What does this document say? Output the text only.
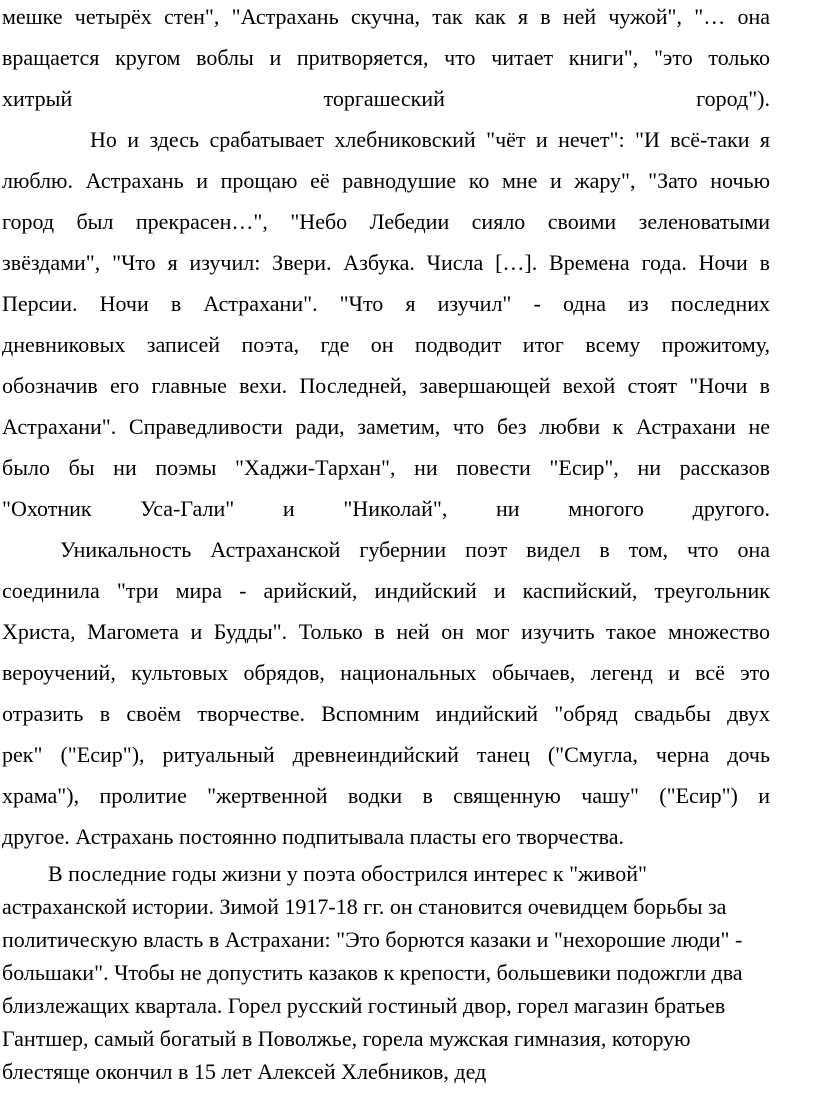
мешке четырёх стен", "Астрахань скучна, так как я в ней чужой", "… она

вращается кругом воблы и притворяется, что читает книги", "это только

хитрый торгашеский город").

Но и здесь срабатывает хлебниковский "чёт и нечет": "И всё-таки я

люблю. Астрахань и прощаю её равнодушие ко мне и жару", "Зато ночью

город был прекрасен…", "Небо Лебедии сияло своими зеленоватыми

звёздами", "Что я изучил: Звери. Азбука. Числа […]. Времена года. Ночи в

Персии. Ночи в Астрахани". "Что я изучил" - одна из последних

дневниковых записей поэта, где он подводит итог всему прожитому,

обозначив его главные вехи. Последней, завершающей вехой стоят "Ночи в

Астрахани". Справедливости ради, заметим, что без любви к Астрахани не

было бы ни поэмы "Хаджи-Тархан", ни повести "Есир", ни рассказов

"Охотник Уса-Гали" и "Николай", ни многого другого.

Уникальность Астраханской губернии поэт видел в том, что она

соединила "три мира - арийский, индийский и каспийский, треугольник

Христа, Магомета и Будды". Только в ней он мог изучить такое множество

вероучений, культовых обрядов, национальных обычаев, легенд и всё это

отразить в своём творчестве. Вспомним индийский "обряд свадьбы двух

рек" ("Есир"), ритуальный древнеиндийский танец ("Смугла, черна дочь

храма"), пролитие "жертвенной водки в священную чашу" ("Есир") и

другое. Астрахань постоянно подпитывала пласты его творчества.

В последние годы жизни у поэта обострился интерес к "живой"

астраханской истории. Зимой 1917-18 гг. он становится очевидцем борьбы за

политическую власть в Астрахани: "Это борются казаки и "нехорошие люди" -

большаки". Чтобы не допустить казаков к крепости, большевики подожгли два

близлежащих квартала. Горел русский гостиный двор, горел магазин братьев

Гантшер, самый богатый в Поволжье, горела мужская гимназия, которую

блестяще окончил в 15 лет Алексей Хлебников, дед
